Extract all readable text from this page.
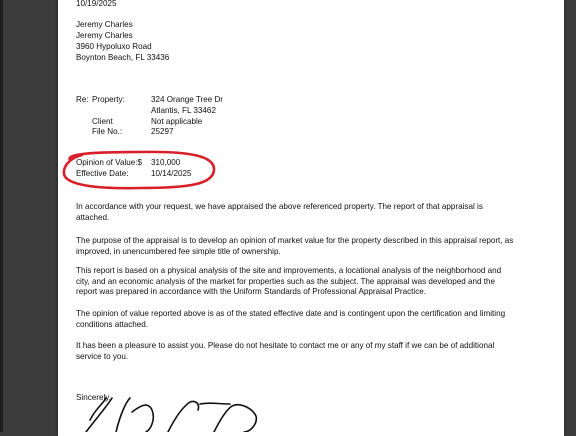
10/19/2025
Jeremy Charles
Jeremy Charles
3960 Hypoluxo Road
Boynton Beach, FL 33436
Re: Property:	324 Orange Tree Dr
Atlantis, FL 33462
Client	Not applicable
File No.:	25297
Opinion of Value:$ 310,000
Effective Date:	10/14/2025
In accordance with your request, we have appraised the above referenced property. The report of that appraisal is attached.
The purpose of the appraisal is to develop an opinion of market value for the property described in this appraisal report, as improved, in unencumbered fee simple title of ownership.
This report is based on a physical analysis of the site and improvements, a locational analysis of the neighborhood and city, and an economic analysis of the market for properties such as the subject. The appraisal was developed and the report was prepared in accordance with the Uniform Standards of Professional Appraisal Practice.
The opinion of value reported above is as of the stated effective date and is contingent upon the certification and limiting conditions attached.
It has been a pleasure to assist you. Please do not hesitate to contact me or any of my staff if we can be of additional service to you.
Sincerely,
